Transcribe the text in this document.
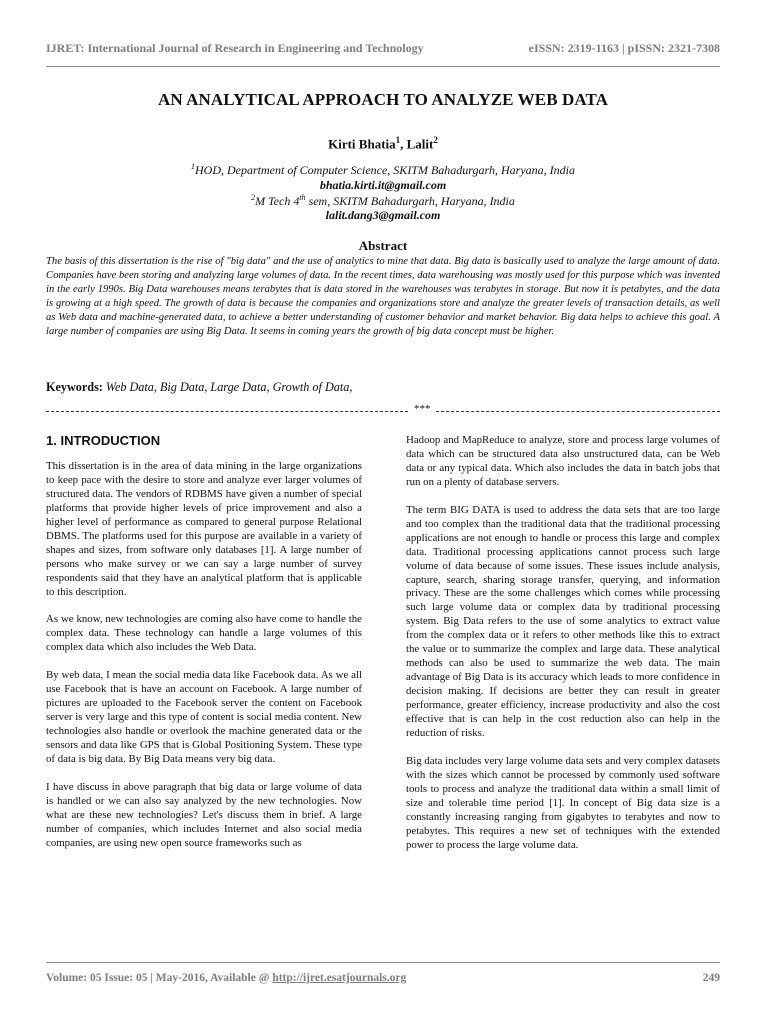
IJRET: International Journal of Research in Engineering and Technology	eISSN: 2319-1163 | pISSN: 2321-7308
AN ANALYTICAL APPROACH TO ANALYZE WEB DATA
Kirti Bhatia$^1$, Lalit$^2$
$^1$HOD, Department of Computer Science, SKITM Bahadurgarh, Haryana, India
bhatia.kirti.it@gmail.com
$^2$M Tech 4th sem, SKITM Bahadurgarh, Haryana, India
lalit.dang3@gmail.com
Abstract
The basis of this dissertation is the rise of "big data" and the use of analytics to mine that data. Big data is basically used to analyze the large amount of data. Companies have been storing and analyzing large volumes of data. In the recent times, data warehousing was mostly used for this purpose which was invented in the early 1990s. Big Data warehouses means terabytes that is data stored in the warehouses was terabytes in storage. But now it is petabytes, and the data is growing at a high speed. The growth of data is because the companies and organizations store and analyze the greater levels of transaction details, as well as Web data and machine-generated data, to achieve a better understanding of customer behavior and market behavior. Big data helps to achieve this goal. A large number of companies are using Big Data. It seems in coming years the growth of big data concept must be higher.
Keywords: Web Data, Big Data, Large Data, Growth of Data,
***
1. INTRODUCTION

This dissertation is in the area of data mining in the large organizations to keep pace with the desire to store and analyze ever larger volumes of structured data. The vendors of RDBMS have given a number of special platforms that provide higher levels of price improvement and also a higher level of performance as compared to general purpose Relational DBMS. The platforms used for this purpose are available in a variety of shapes and sizes, from software only databases [1]. A large number of persons who make survey or we can say a large number of survey respondents said that they have an analytical platform that is applicable to this description.

As we know, new technologies are coming also have come to handle the complex data. These technology can handle a large volumes of this complex data which also includes the Web Data.

By web data, I mean the social media data like Facebook data. As we all use Facebook that is have an account on Facebook. A large number of pictures are uploaded to the Facebook server the content on Facebook server is very large and this type of content is social media content. New technologies also handle or overlook the machine generated data or the sensors and data like GPS that is Global Positioning System. These type of data is big data. By Big Data means very big data.

I have discuss in above paragraph that big data or large volume of data is handled or we can also say analyzed by the new technologies. Now what are these new technologies? Let's discuss them in brief. A large number of companies, which includes Internet and also social media companies, are using new open source frameworks such as

Hadoop and MapReduce to analyze, store and process large volumes of data which can be structured data also unstructured data, can be Web data or any typical data. Which also includes the data in batch jobs that run on a plenty of database servers.

The term BIG DATA is used to address the data sets that are too large and too complex than the traditional data that the traditional processing applications are not enough to handle or process this large and complex data. Traditional processing applications cannot process such large volume of data because of some issues. These issues include analysis, capture, search, sharing storage transfer, querying, and information privacy. These are the some challenges which comes while processing such large volume data or complex data by traditional processing system. Big Data refers to the use of some analytics to extract value from the complex data or it refers to other methods like this to extract the value or to summarize the complex and large data. These analytical methods can also be used to summarize the web data. The main advantage of Big Data is its accuracy which leads to more confidence in decision making. If decisions are better they can result in greater performance, greater efficiency, increase productivity and also the cost effective that is can help in the cost reduction also can help in the reduction of risks.

Big data includes very large volume data sets and very complex datasets with the sizes which cannot be processed by commonly used software tools to process and analyze the traditional data within a small limit of size and tolerable time period [1]. In concept of Big data size is a constantly increasing ranging from gigabytes to terabytes and now to petabytes. This requires a new set of techniques with the extended power to process the large volume data.

Volume: 05 Issue: 05 | May-2016, Available @ http://ijret.esatjournals.org	249
